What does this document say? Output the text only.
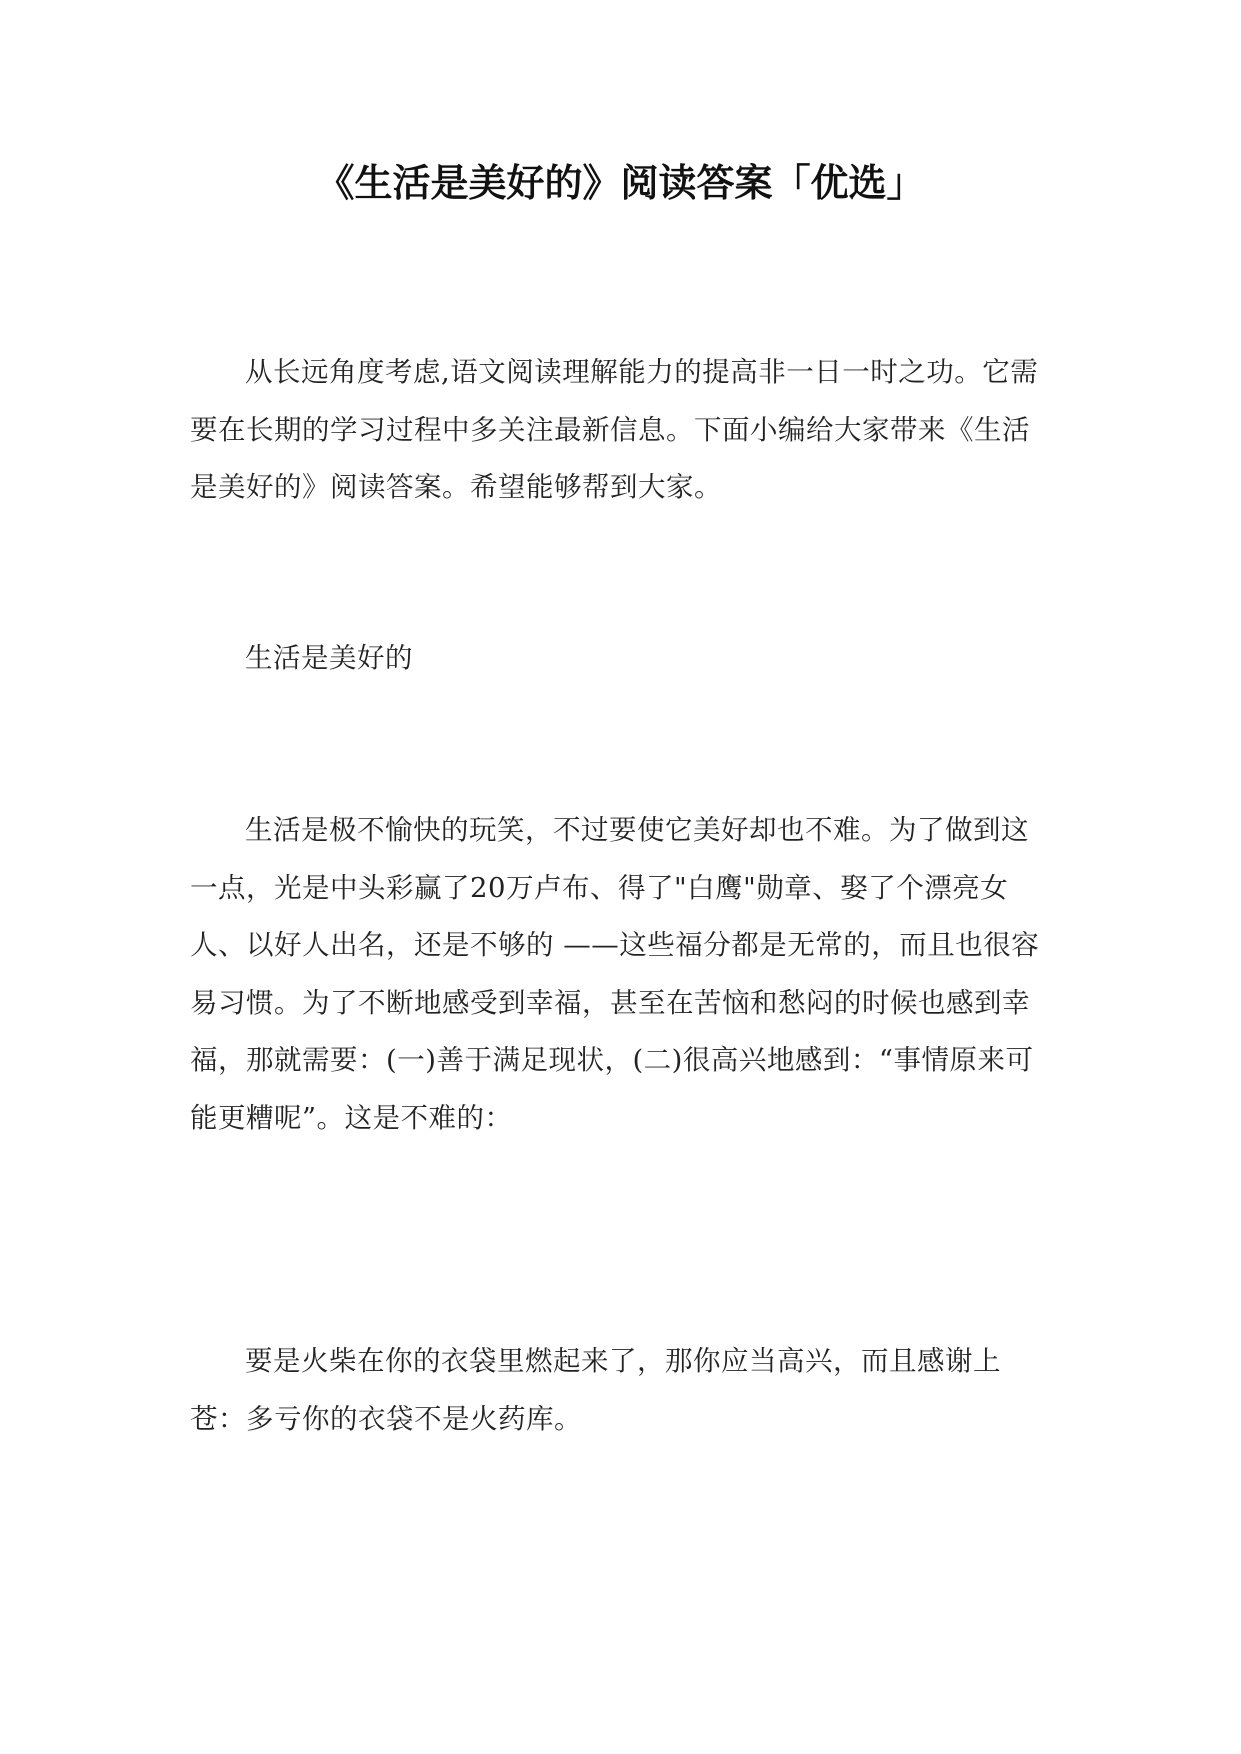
《生活是美好的》阅读答案「优选」

从长远角度考虑,语文阅读理解能力的提高非一日一时之功。它需要在长期的学习过程中多关注最新信息。下面小编给大家带来《生活是美好的》阅读答案。希望能够帮到大家。

生活是美好的

生活是极不愉快的玩笑，不过要使它美好却也不难。为了做到这一点，光是中头彩赢了20万卢布、得了"白鹰"勋章、娶了个漂亮女人、以好人出名，还是不够的 ——这些福分都是无常的，而且也很容易习惯。为了不断地感受到幸福，甚至在苦恼和愁闷的时候也感到幸福，那就需要：(一)善于满足现状，(二)很高兴地感到：“事情原来可能更糟呢”。这是不难的：

要是火柴在你的衣袋里燃起来了，那你应当高兴，而且感谢上苍：多亏你的衣袋不是火药库。
